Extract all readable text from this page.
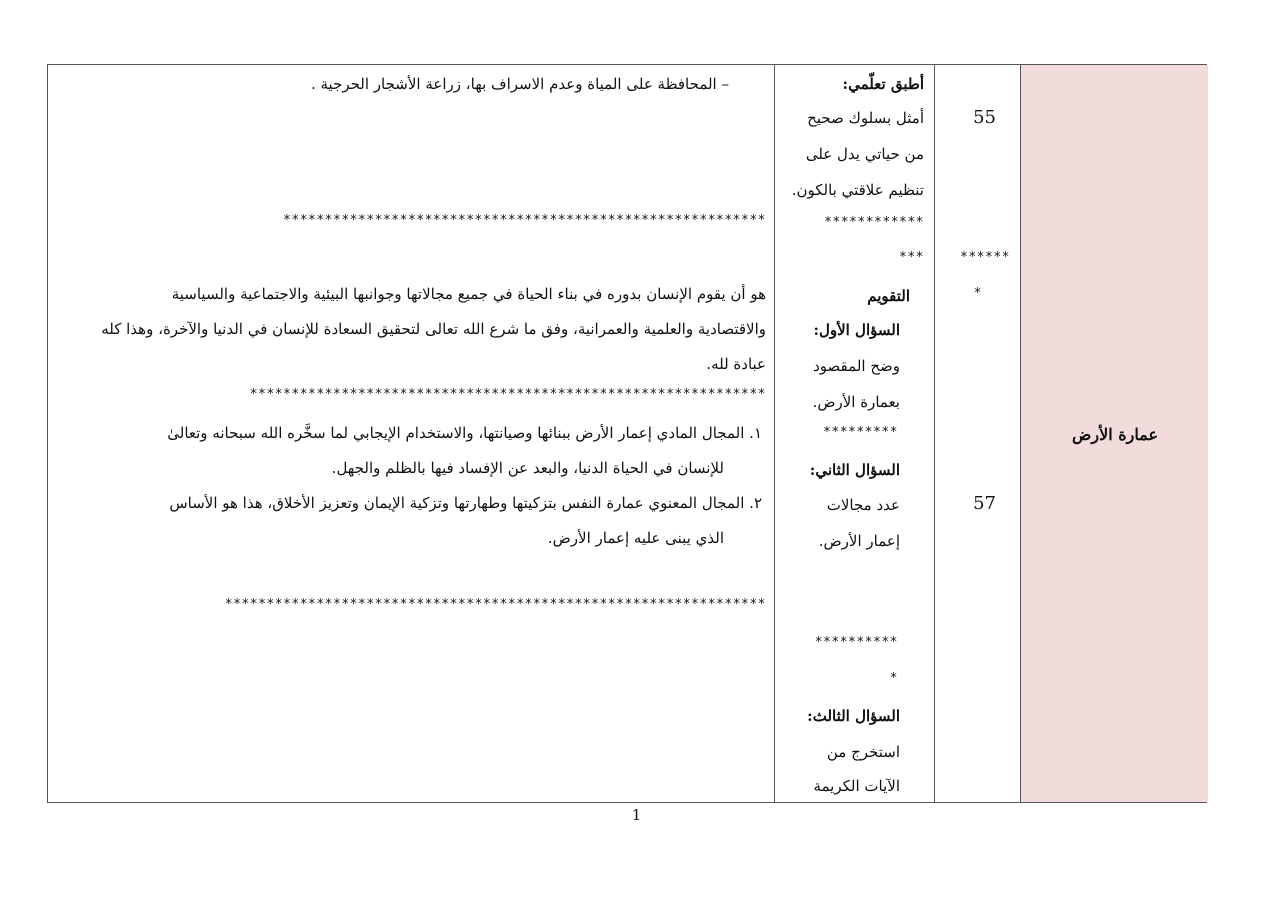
عمارة الأرض
55
******
*
57
أطبق تعلّمي:
أمثل بسلوك صحيح
من حياتي يدل على
تنظيم علاقتي بالكون.
************
***
التقويم
السؤال الأول:
وضح المقصود
بعمارة الأرض.
*********
السؤال الثاني:
عدد مجالات
إعمار الأرض.
**********
*
السؤال الثالث:
استخرج من
الآيات الكريمة
– المحافظة على المياة وعدم الاسراف بها، زراعة الأشجار الحرجية .
**********************************************************
هو أن يقوم الإنسان بدوره في بناء الحياة في جميع مجالاتها وجوانبها البيئية والاجتماعية والسياسية
والاقتصادية والعلمية والعمرانية، وفق ما شرع الله تعالى لتحقيق السعادة للإنسان في الدنيا والآخرة، وهذا كله
عبادة لله.
**************************************************************
١. المجال المادي إعمار الأرض ببنائها وصيانتها، والاستخدام الإيجابي لما سخَّره الله سبحانه وتعالىٰ
للإنسان في الحياة الدنيا، والبعد عن الإفساد فيها بالظلم والجهل.
٢. المجال المعنوي عمارة النفس بتزكيتها وطهارتها وتزكية الإيمان وتعزيز الأخلاق، هذا هو الأساس
الذي يبنى عليه إعمار الأرض.
*****************************************************************
1
